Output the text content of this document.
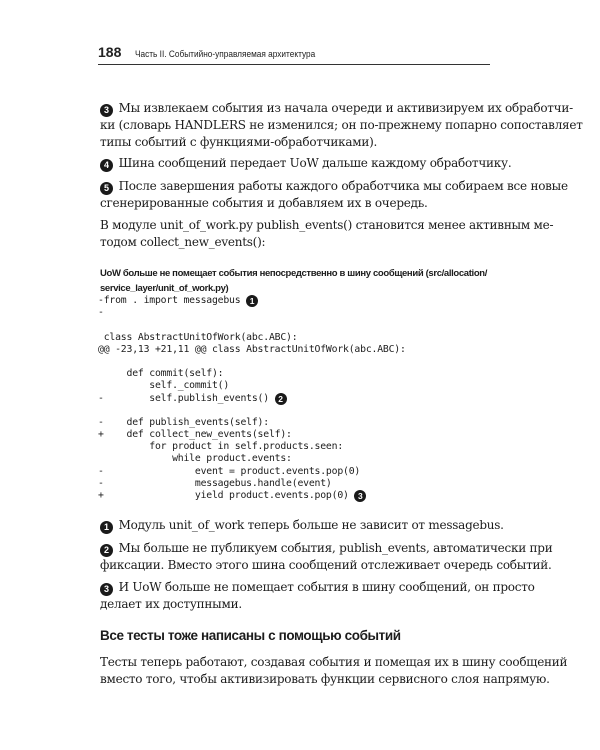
188 Часть II. Событийно-управляемая архитектура
3 Мы извлекаем события из начала очереди и активизируем их обработчи-
ки (словарь HANDLERS не изменился; он по-прежнему попарно сопоставляет
типы событий с функциями-обработчиками).
4 Шина сообщений передает UoW дальше каждому обработчику.
5 После завершения работы каждого обработчика мы собираем все новые
сгенерированные события и добавляем их в очередь.
В модуле unit_of_work.py publish_events() становится менее активным ме-
тодом collect_new_events():
UoW больше не помещает события непосредственно в шину сообщений (src/allocation/
service_layer/unit_of_work.py)
-from . import messagebus 1
-
class AbstractUnitOfWork(abc.ABC):
@@ -23,13 +21,11 @@ class AbstractUnitOfWork(abc.ABC):
def commit(self):
self._commit()
-        self.publish_events() 2
-    def publish_events(self):
+    def collect_new_events(self):
for product in self.products.seen:
while product.events:
-                event = product.events.pop(0)
-                messagebus.handle(event)
+                yield product.events.pop(0) 3
1 Модуль unit_of_work теперь больше не зависит от messagebus.
2 Мы больше не публикуем события, publish_events, автоматически при
фиксации. Вместо этого шина сообщений отслеживает очередь событий.
3 И UoW больше не помещает события в шину сообщений, он просто
делает их доступными.
Все тесты тоже написаны с помощью событий
Тесты теперь работают, создавая события и помещая их в шину сообщений
вместо того, чтобы активизировать функции сервисного слоя напрямую.
